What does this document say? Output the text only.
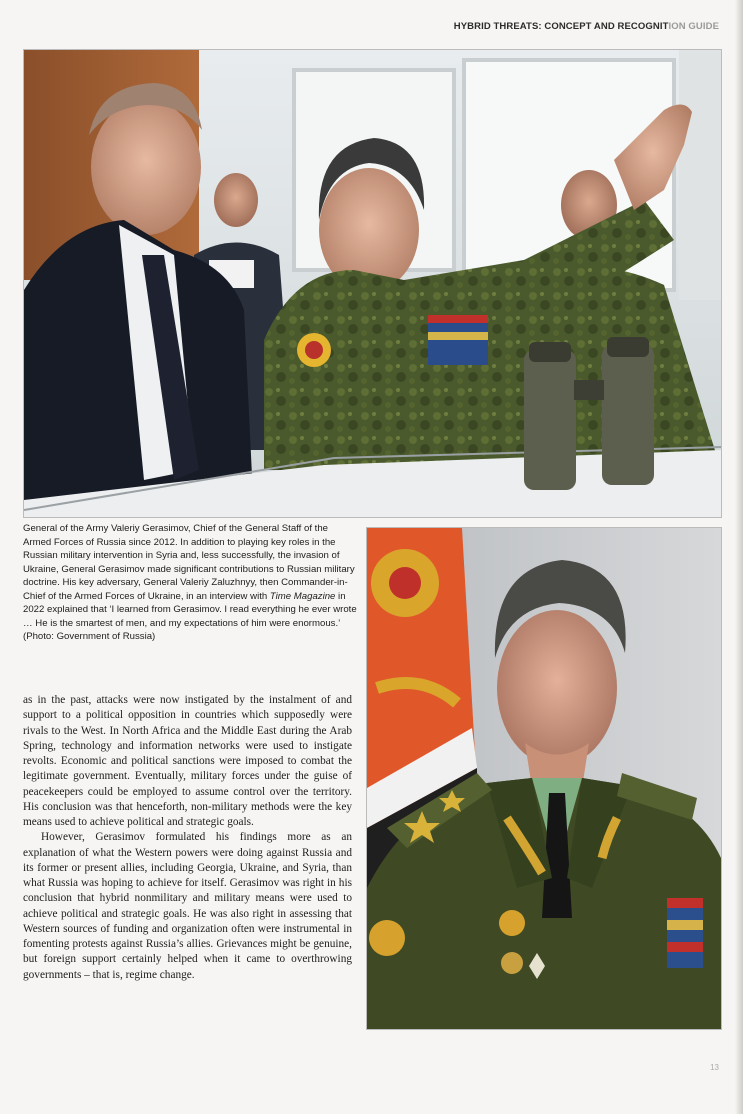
HYBRID THREATS: CONCEPT AND RECOGNITION GUIDE
General of the Army Valeriy Gerasimov, Chief of the General Staff of the Armed Forces of Russia since 2012. In addition to playing key roles in the Russian military intervention in Syria and, less successfully, the invasion of Ukraine, General Gerasimov made significant contributions to Russian military doctrine. His key adversary, General Valeriy Zaluzhnyy, then Commander-in-Chief of the Armed Forces of Ukraine, in an interview with Time Magazine in 2022 explained that ‘I learned from Gerasimov. I read everything he ever wrote … He is the smartest of men, and my expectations of him were enormous.’ (Photo: Government of Russia)

as in the past, attacks were now instigated by the instalment of and support to a political opposition in countries which supposedly were rivals to the West. In North Africa and the Middle East during the Arab Spring, technology and information networks were used to instigate revolts. Economic and political sanctions were imposed to combat the legitimate government. Eventually, military forces under the guise of peacekeepers could be employed to assume control over the territory. His conclusion was that henceforth, non-military methods were the key means used to achieve political and strategic goals.

However, Gerasimov formulated his findings more as an explanation of what the Western powers were doing against Russia and its former or present allies, including Georgia, Ukraine, and Syria, than what Russia was hoping to achieve for itself. Gerasimov was right in his conclusion that hybrid nonmilitary and military means were used to achieve political and strategic goals. He was also right in assessing that Western sources of funding and organization often were instrumental in fomenting protests against Russia’s allies. Grievances might be genuine, but foreign support certainly helped when it came to overthrowing governments – that is, regime change.

13
